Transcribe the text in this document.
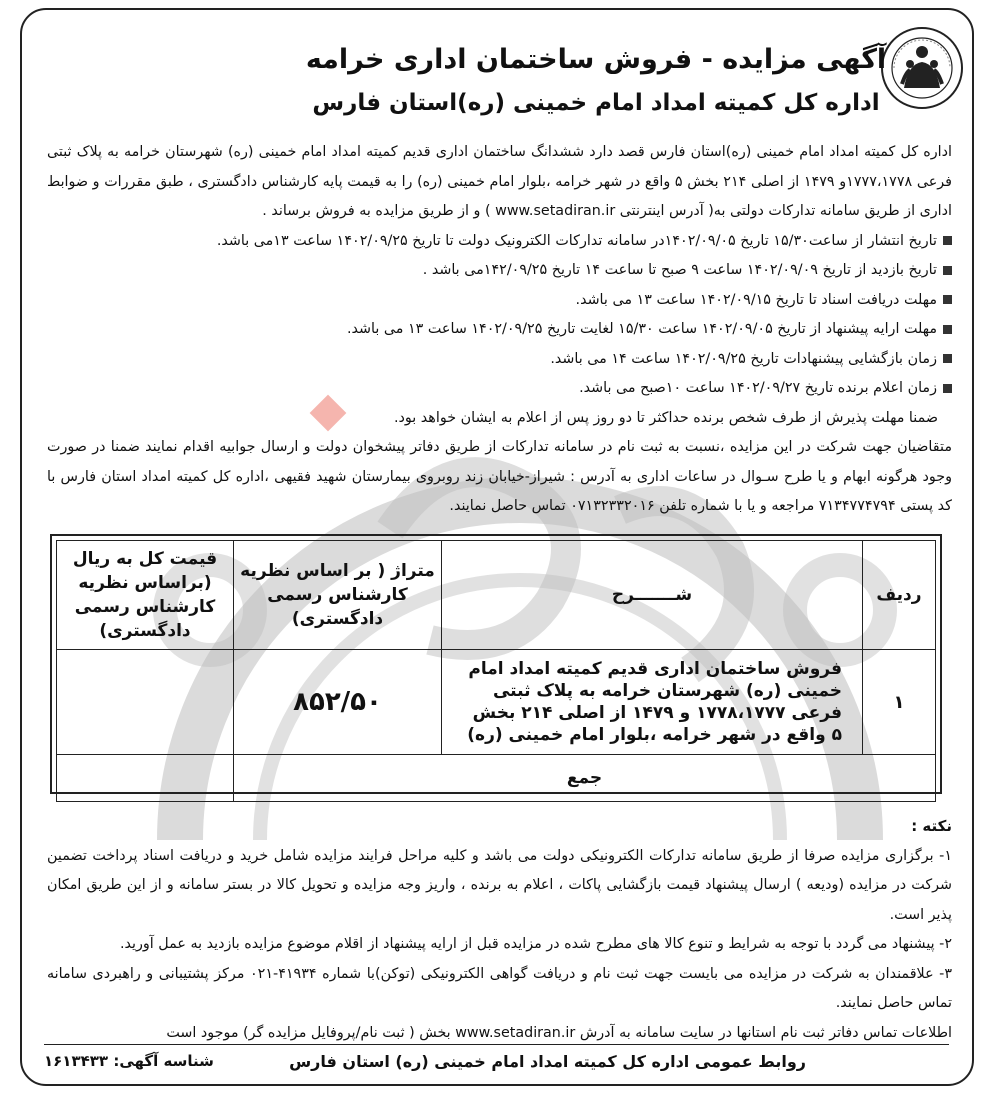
آگهی مزایده - فروش ساختمان اداری خرامه
اداره کل کمیته امداد امام خمینی (ره)استان فارس

اداره کل کمیته امداد امام خمینی (ره)استان فارس قصد دارد ششدانگ ساختمان اداری قدیم کمیته امداد امام خمینی (ره) شهرستان خرامه به پلاک ثبتی فرعی ۱۷۷۷،۱۷۷۸و ۱۴۷۹ از اصلی ۲۱۴ بخش ۵ واقع در شهر خرامه ،بلوار امام خمینی (ره) را به قیمت پایه کارشناس دادگستری ، طبق مقررات و ضوابط اداری از طریق سامانه تدارکات دولتی به( آدرس اینترنتی www.setadiran.ir ) و از طریق مزایده به فروش برساند .

تاریخ انتشار از ساعت۱۵/۳۰ تاریخ ۱۴۰۲/۰۹/۰۵در سامانه تدارکات الکترونیک دولت تا تاریخ ۱۴۰۲/۰۹/۲۵ ساعت ۱۳می باشد.
تاریخ بازدید از تاریخ ۱۴۰۲/۰۹/۰۹ ساعت ۹ صبح تا ساعت ۱۴ تاریخ ۱۴۲/۰۹/۲۵می باشد .
مهلت دریافت اسناد تا تاریخ ۱۴۰۲/۰۹/۱۵ ساعت ۱۳ می باشد.
مهلت ارایه پیشنهاد از تاریخ ۱۴۰۲/۰۹/۰۵ ساعت ۱۵/۳۰ لغایت تاریخ ۱۴۰۲/۰۹/۲۵ ساعت ۱۳ می باشد.
زمان بازگشایی پیشنهادات تاریخ ۱۴۰۲/۰۹/۲۵ ساعت ۱۴ می باشد.
زمان اعلام برنده تاریخ ۱۴۰۲/۰۹/۲۷ ساعت ۱۰صبح می باشد.

ضمنا مهلت پذیرش از طرف شخص برنده حداکثر تا دو روز پس از اعلام به ایشان خواهد بود.

متقاضیان جهت شرکت در این مزایده ،نسبت به ثبت نام در سامانه تدارکات از طریق دفاتر پیشخوان دولت و ارسال جوابیه اقدام نمایند ضمنا در صورت وجود هرگونه ابهام و یا طرح سـوال در ساعات اداری به آدرس : شیراز-خیابان زند روبروی بیمارستان شهید فقیهی ،اداره کل کمیته امداد استان فارس با کد پستی ۷۱۳۴۷۷۴۷۹۴ مراجعه و یا با شماره تلفن ۰۷۱۳۲۳۳۲۰۱۶ تماس حاصل نمایند.

ردیف	شـــــــرح	متراژ ( بر اساس نظریه کارشناس رسمی دادگستری)	قیمت کل به ریال (براساس نظریه کارشناس رسمی دادگستری)
۱	فروش ساختمان اداری قدیم کمیته امداد امام خمینی (ره) شهرستان خرامه به پلاک ثبتی فرعی ۱۷۷۸،۱۷۷۷ و ۱۴۷۹ از اصلی ۲۱۴ بخش ۵ واقع در شهر خرامه ،بلوار امام خمینی (ره)	۸۵۲/۵۰	
جمع			

نکته :

۱- برگزاری مزایده صرفا از طریق سامانه تدارکات الکترونیکی دولت می باشد و کلیه مراحل فرایند مزایده شامل خرید و دریافت اسناد پرداخت تضمین شرکت در مزایده (ودیعه ) ارسال پیشنهاد قیمت بازگشایی پاکات ، اعلام به برنده ، واریز وجه مزایده و تحویل کالا در بستر سامانه و از این طریق امکان پذیر است.

۲- پیشنهاد می گردد با توجه به شرایط و تنوع کالا های مطرح شده در مزایده قبل از ارایه پیشنهاد از اقلام موضوع مزایده بازدید به عمل آورید.

۳- علاقمندان به شرکت در مزایده می بایست جهت ثبت نام و دریافت گواهی الکترونیکی (توکن)با شماره ۴۱۹۳۴-۰۲۱ مرکز پشتیبانی و راهبردی سامانه تماس حاصل نمایند.

اطلاعات تماس دفاتر ثبت نام استانها در سایت سامانه به آدرش www.setadiran.ir بخش ( ثبت نام/پروفایل مزایده گر) موجود است

روابط عمومی اداره کل کمیته امداد امام خمینی (ره) استان فارس
شناسه آگهی: ۱۶۱۳۴۳۳
